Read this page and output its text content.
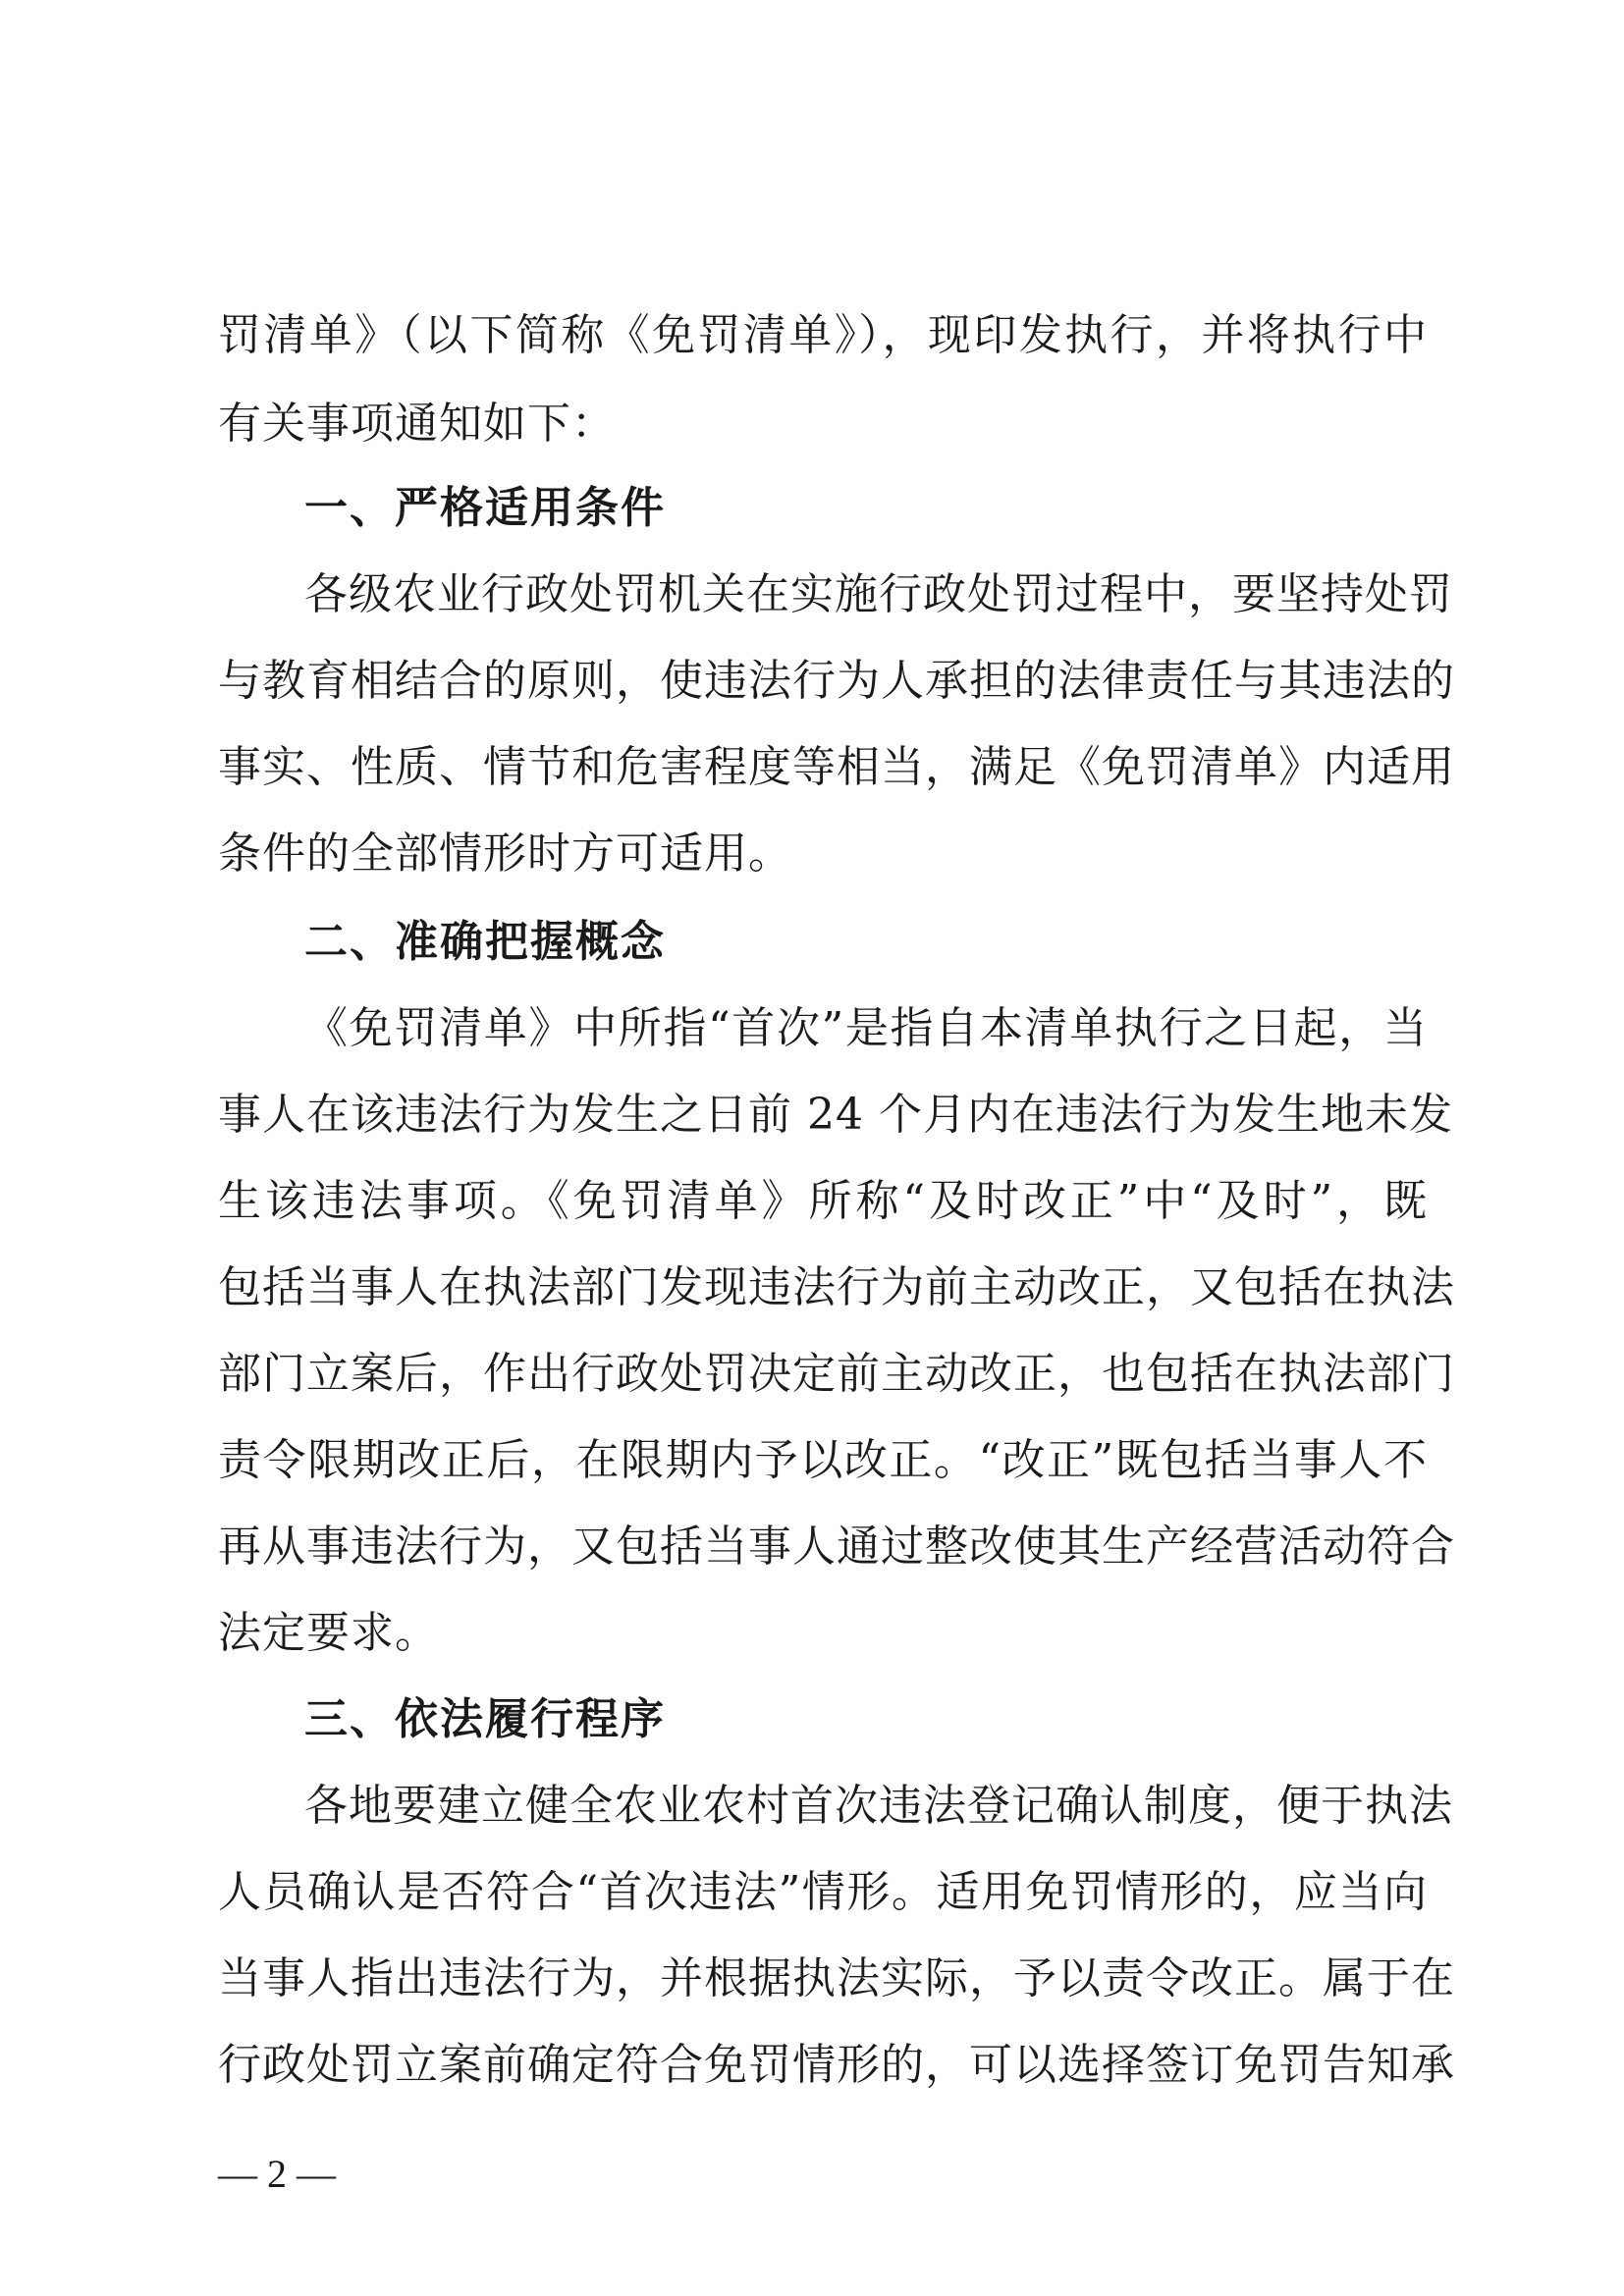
罚清单》（以下简称《免罚清单》），现印发执行，并将执行中
有关事项通知如下：
一、严格适用条件
各级农业行政处罚机关在实施行政处罚过程中，要坚持处罚
与教育相结合的原则，使违法行为人承担的法律责任与其违法的
事实、性质、情节和危害程度等相当，满足《免罚清单》内适用
条件的全部情形时方可适用。
二、准确把握概念
《免罚清单》中所指“首次”是指自本清单执行之日起，当
事人在该违法行为发生之日前 24 个月内在违法行为发生地未发
生该违法事项。《免罚清单》所称“及时改正”中“及时”，既
包括当事人在执法部门发现违法行为前主动改正，又包括在执法
部门立案后，作出行政处罚决定前主动改正，也包括在执法部门
责令限期改正后，在限期内予以改正。“改正”既包括当事人不
再从事违法行为，又包括当事人通过整改使其生产经营活动符合
法定要求。
三、依法履行程序
各地要建立健全农业农村首次违法登记确认制度，便于执法
人员确认是否符合“首次违法”情形。适用免罚情形的，应当向
当事人指出违法行为，并根据执法实际，予以责令改正。属于在
行政处罚立案前确定符合免罚情形的，可以选择签订免罚告知承
— 2 —
